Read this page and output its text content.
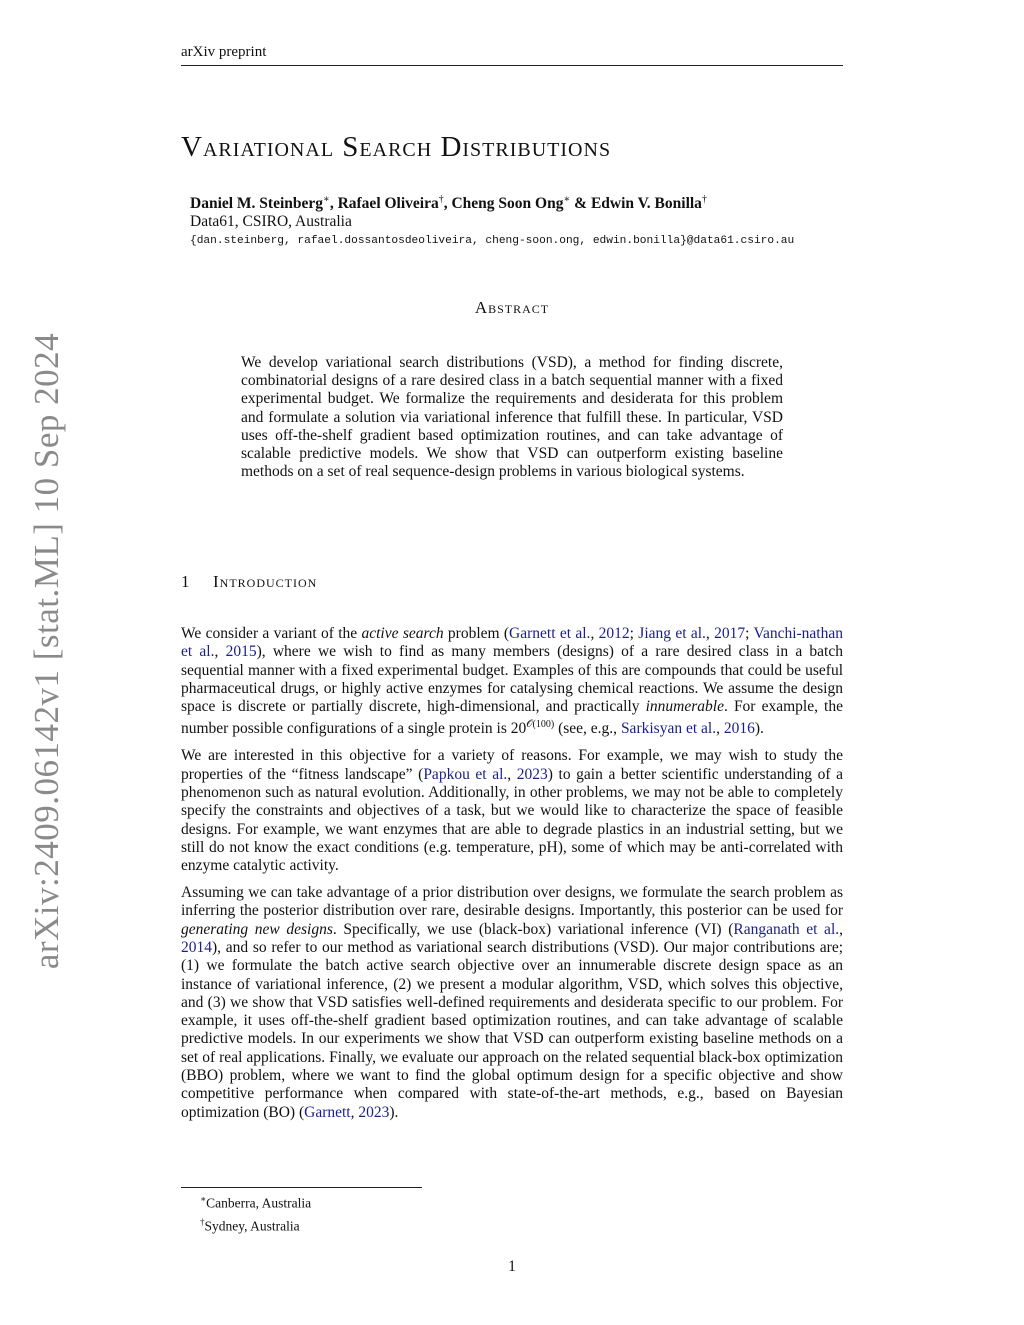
arXiv:2409.06142v1 [stat.ML] 10 Sep 2024
arXiv preprint
Variational Search Distributions
Daniel M. Steinberg∗, Rafael Oliveira†, Cheng Soon Ong∗ & Edwin V. Bonilla†
Data61, CSIRO, Australia
{dan.steinberg, rafael.dossantosdeoliveira, cheng-soon.ong, edwin.bonilla}@data61.csiro.au
Abstract
We develop variational search distributions (VSD), a method for finding discrete, combinatorial designs of a rare desired class in a batch sequential manner with a fixed experimental budget. We formalize the requirements and desiderata for this problem and formulate a solution via variational inference that fulfill these. In particular, VSD uses off-the-shelf gradient based optimization routines, and can take advantage of scalable predictive models. We show that VSD can outperform existing baseline methods on a set of real sequence-design problems in various biological systems.
1 Introduction

We consider a variant of the active search problem (Garnett et al., 2012; Jiang et al., 2017; Vanchi-nathan et al., 2015), where we wish to find as many members (designs) of a rare desired class in a batch sequential manner with a fixed experimental budget. Examples of this are compounds that could be useful pharmaceutical drugs, or highly active enzymes for catalysing chemical reactions. We assume the design space is discrete or partially discrete, high-dimensional, and practically innumerable. For example, the number possible configurations of a single protein is $20^{𝒪(100)}$ (see, e.g., Sarkisyan et al., 2016).

We are interested in this objective for a variety of reasons. For example, we may wish to study the properties of the “fitness landscape” (Papkou et al., 2023) to gain a better scientific understanding of a phenomenon such as natural evolution. Additionally, in other problems, we may not be able to completely specify the constraints and objectives of a task, but we would like to characterize the space of feasible designs. For example, we want enzymes that are able to degrade plastics in an industrial setting, but we still do not know the exact conditions (e.g. temperature, pH), some of which may be anti-correlated with enzyme catalytic activity.

Assuming we can take advantage of a prior distribution over designs, we formulate the search problem as inferring the posterior distribution over rare, desirable designs. Importantly, this posterior can be used for generating new designs. Specifically, we use (black-box) variational inference (VI) (Ranganath et al., 2014), and so refer to our method as variational search distributions (VSD). Our major contributions are; (1) we formulate the batch active search objective over an innumerable discrete design space as an instance of variational inference, (2) we present a modular algorithm, VSD, which solves this objective, and (3) we show that VSD satisfies well-defined requirements and desiderata specific to our problem. For example, it uses off-the-shelf gradient based optimization routines, and can take advantage of scalable predictive models. In our experiments we show that VSD can outperform existing baseline methods on a set of real applications. Finally, we evaluate our approach on the related sequential black-box optimization (BBO) problem, where we want to find the global optimum design for a specific objective and show competitive performance when compared with state-of-the-art methods, e.g., based on Bayesian optimization (BO) (Garnett, 2023).

∗Canberra, Australia
†Sydney, Australia
1
